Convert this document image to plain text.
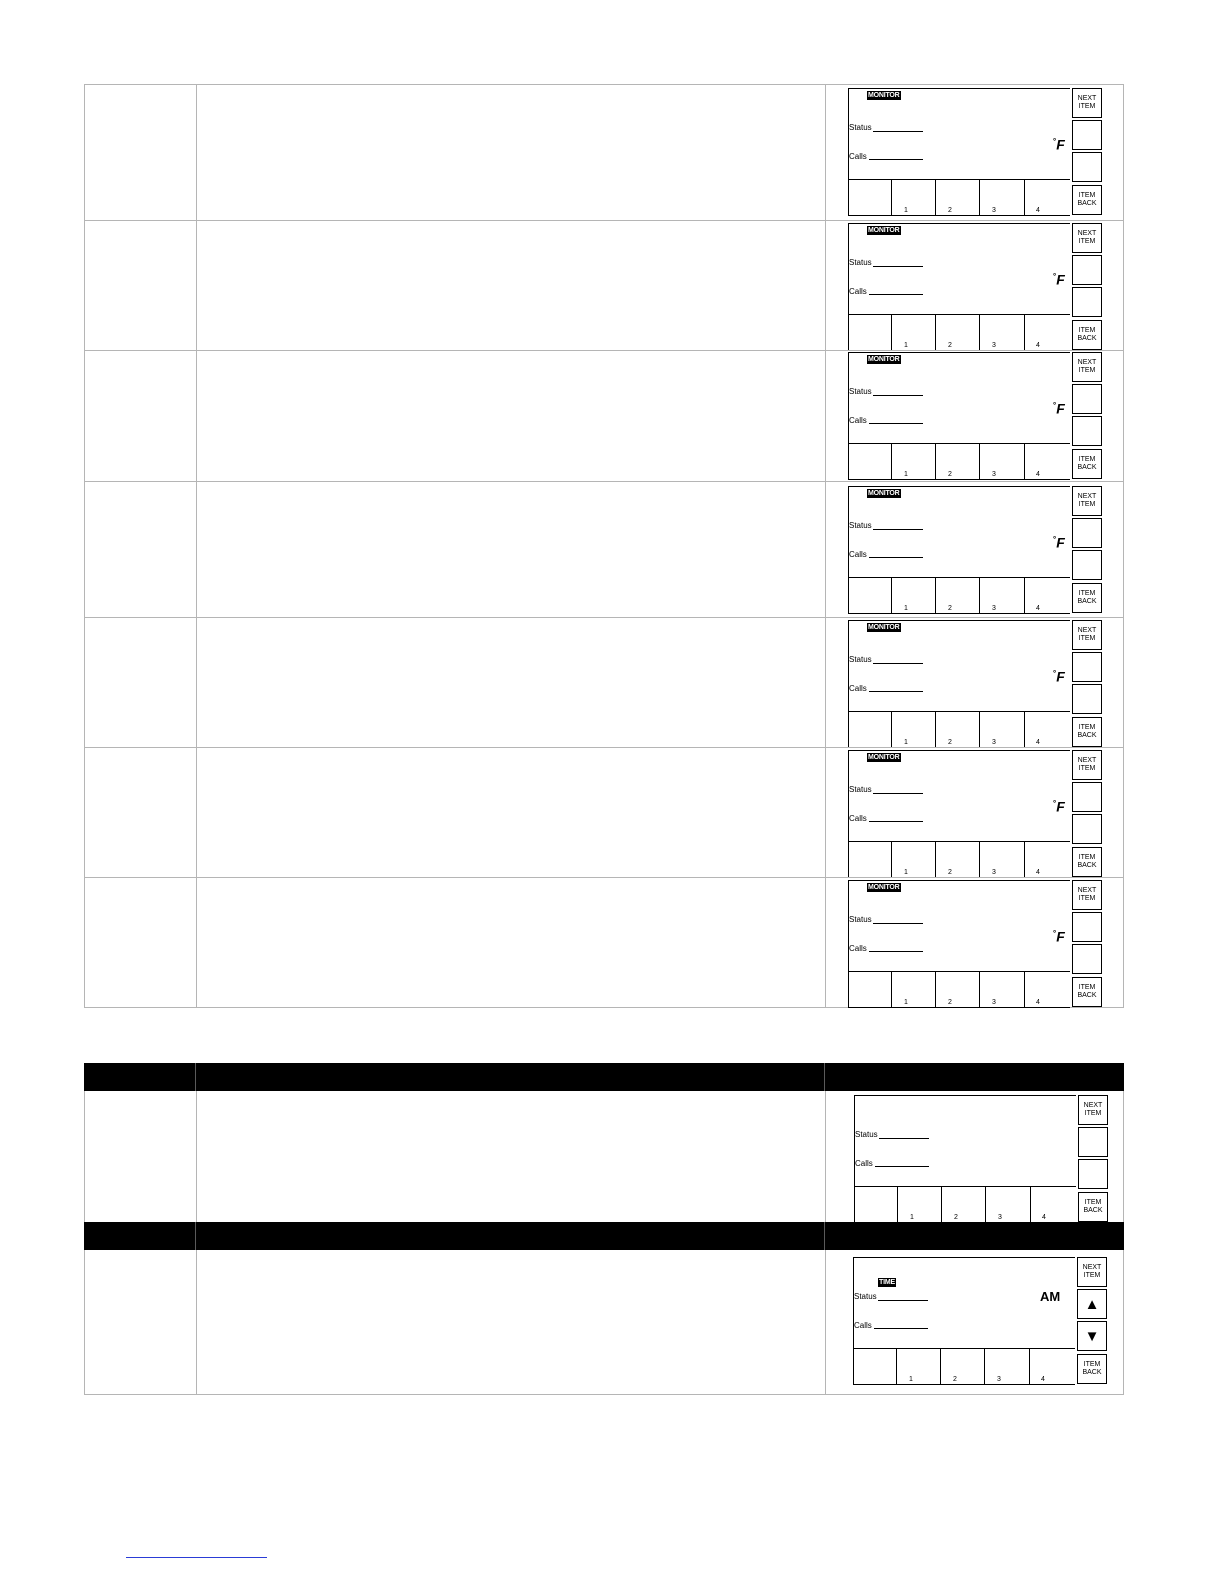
MONITOR
Status
Calls
°F
1	2	3	4
NEXT
ITEM
ITEM
BACK
MONITOR
Status
Calls
°F
1	2	3	4
NEXT
ITEM
ITEM
BACK
MONITOR
Status
Calls
°F
1	2	3	4
NEXT
ITEM
ITEM
BACK
MONITOR
Status
Calls
°F
1	2	3	4
NEXT
ITEM
ITEM
BACK
MONITOR
Status
Calls
°F
1	2	3	4
NEXT
ITEM
ITEM
BACK
MONITOR
Status
Calls
°F
1	2	3	4
NEXT
ITEM
ITEM
BACK
MONITOR
Status
Calls
°F
1	2	3	4
NEXT
ITEM
ITEM
BACK
Status
Calls
1	2	3	4
NEXT
ITEM
ITEM
BACK
TIME
Status
Calls
AM
1	2	3	4
NEXT
ITEM
▲
▼
ITEM
BACK
